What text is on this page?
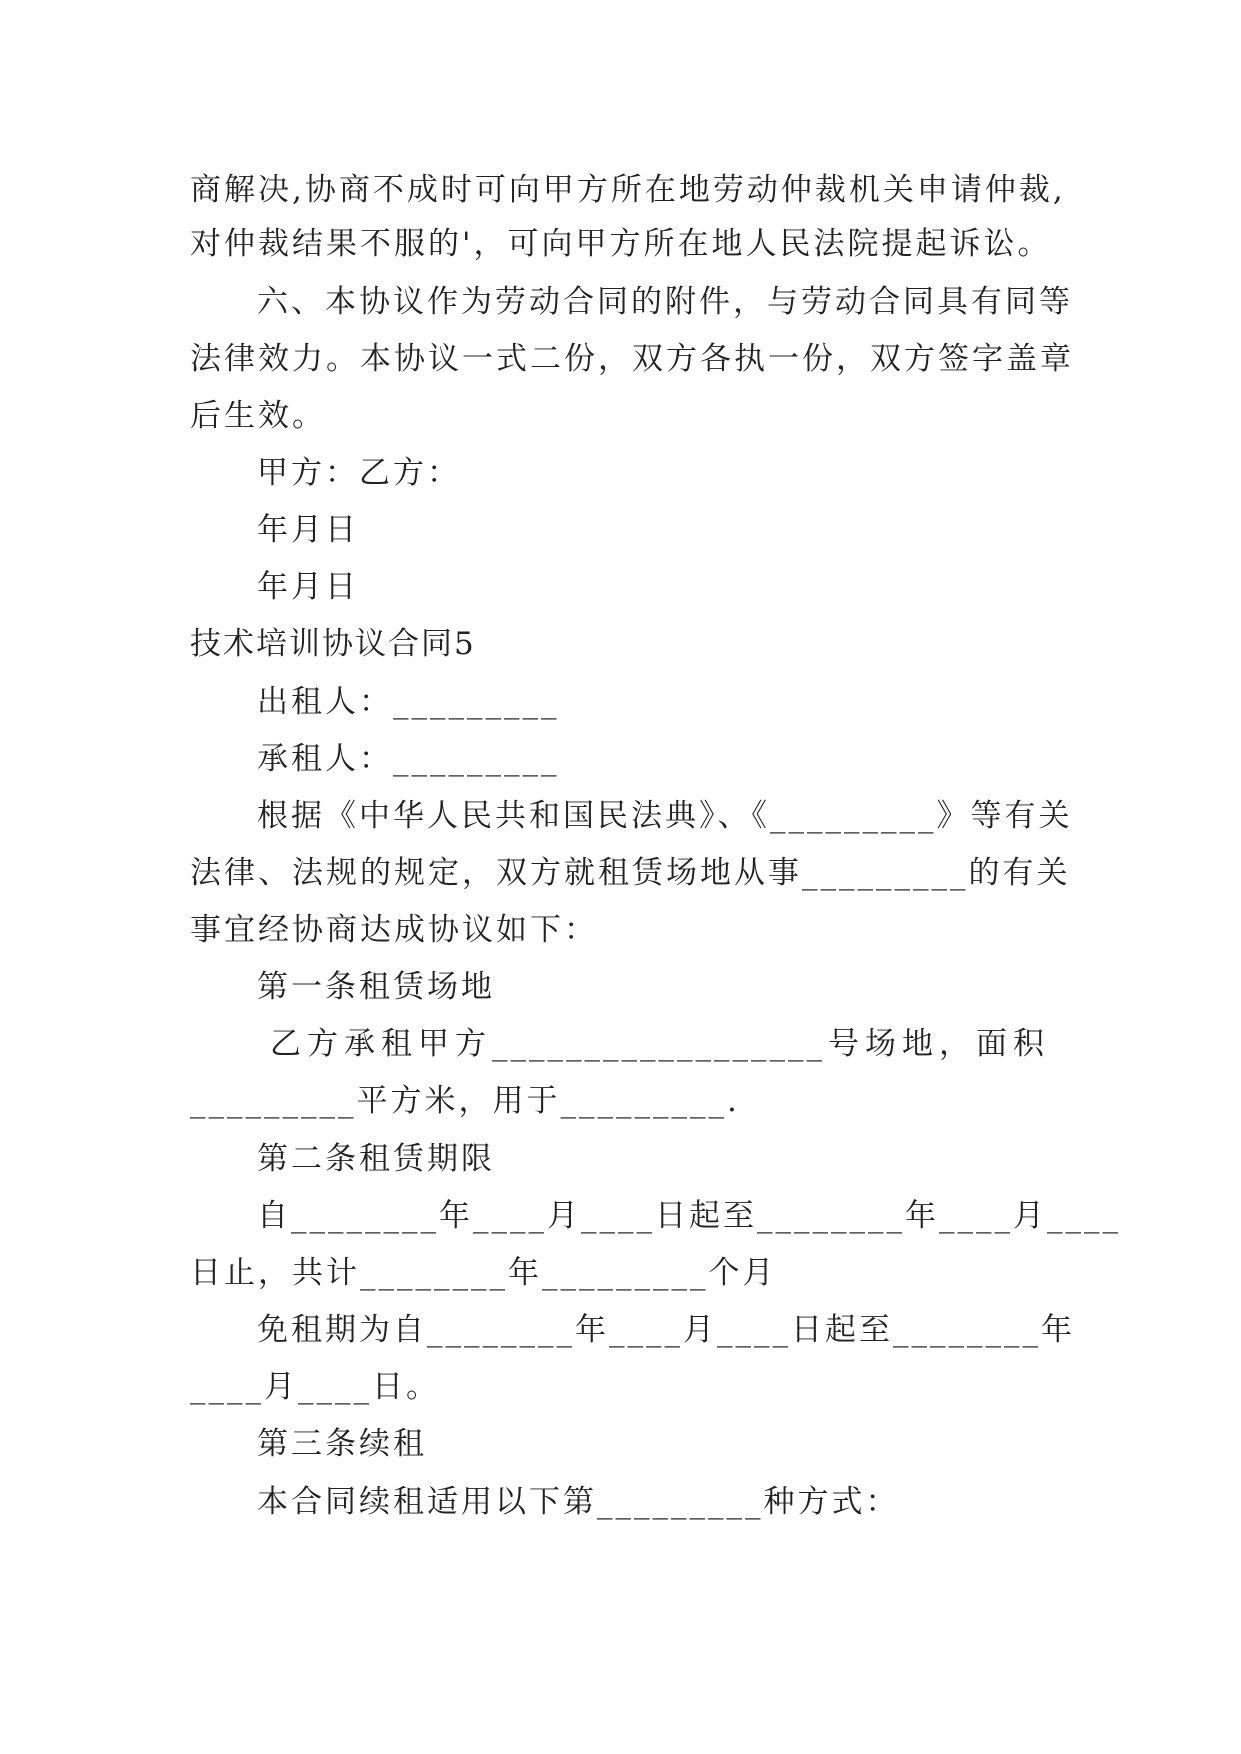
商解决,协商不成时可向甲方所在地劳动仲裁机关申请仲裁,
对仲裁结果不服的'，可向甲方所在地人民法院提起诉讼。
六、本协议作为劳动合同的附件，与劳动合同具有同等
法律效力。本协议一式二份，双方各执一份，双方签字盖章
后生效。
甲方：乙方：
年月日
年月日
技术培训协议合同5
出租人：_________
承租人：_________
根据《中华人民共和国民法典》、《_________》等有关
法律、法规的规定，双方就租赁场地从事_________的有关
事宜经协商达成协议如下：
第一条租赁场地
乙方承租甲方__________________号场地，面积
_________平方米，用于_________.
第二条租赁期限
自________年____月____日起至________年____月____
日止，共计________年_________个月
免租期为自________年____月____日起至________年
____月____日。
第三条续租
本合同续租适用以下第_________种方式：
